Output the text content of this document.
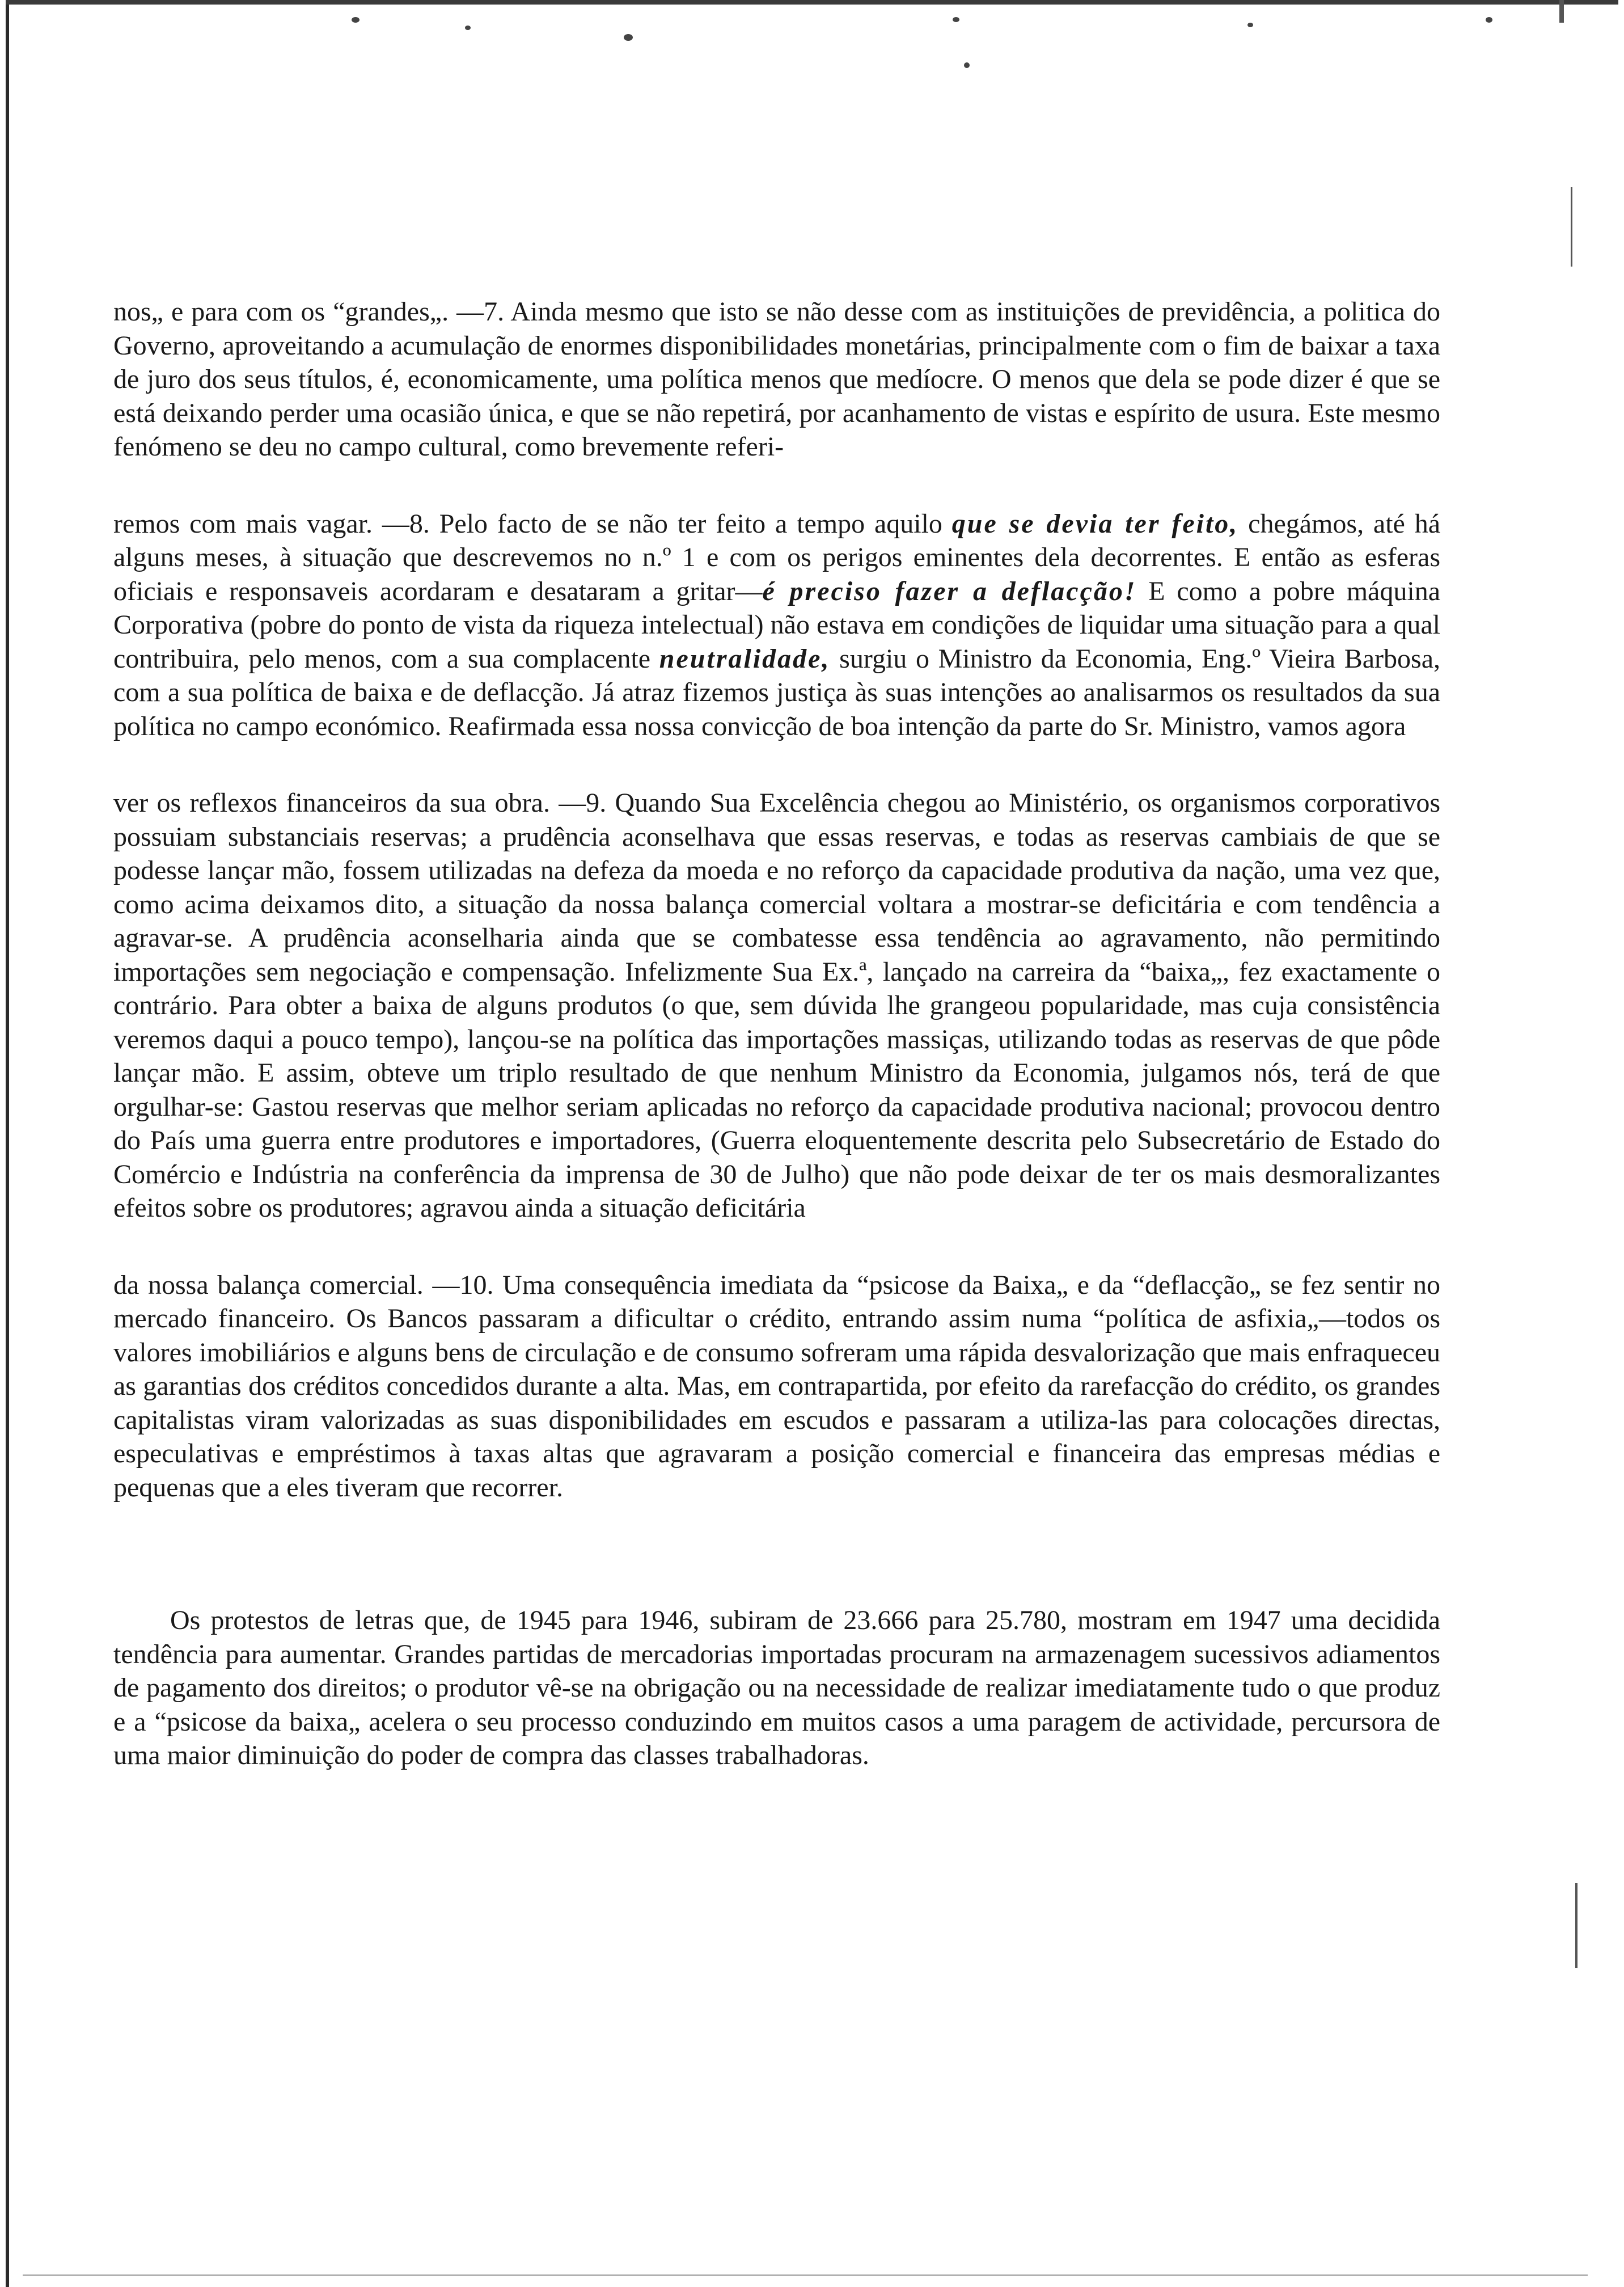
nos„ e para com os “grandes„. —7. Ainda mesmo que isto se não desse com as instituições de previdência, a politica do Governo, aproveitando a acumulação de enormes disponibilidades monetárias, principalmente com o fim de baixar a taxa de juro dos seus títulos, é, economicamente, uma política menos que medíocre. O menos que dela se pode dizer é que se está deixando perder uma ocasião única, e que se não repetirá, por acanhamento de vistas e espírito de usura. Este mesmo fenómeno se deu no campo cultural, como brevemente referi-

remos com mais vagar. —8. Pelo facto de se não ter feito a tempo aquilo que se devia ter feito, chegámos, até há alguns meses, à situação que descrevemos no n.º 1 e com os perigos eminentes dela decorrentes. E então as esferas oficiais e responsaveis acordaram e desataram a gritar—é preciso fazer a deflacção! E como a pobre máquina Corporativa (pobre do ponto de vista da riqueza intelectual) não estava em condições de liquidar uma situação para a qual contribuira, pelo menos, com a sua complacente neutralidade, surgiu o Ministro da Economia, Eng.º Vieira Barbosa, com a sua política de baixa e de deflacção. Já atraz fizemos justiça às suas intenções ao analisarmos os resultados da sua política no campo económico. Reafirmada essa nossa convicção de boa intenção da parte do Sr. Ministro, vamos agora

ver os reflexos financeiros da sua obra. —9. Quando Sua Excelência chegou ao Ministério, os organismos corporativos possuiam substanciais reservas; a prudência aconselhava que essas reservas, e todas as reservas cambiais de que se podesse lançar mão, fossem utilizadas na defeza da moeda e no reforço da capacidade produtiva da nação, uma vez que, como acima deixamos dito, a situação da nossa balança comercial voltara a mostrar-se deficitária e com tendência a agravar-se. A prudência aconselharia ainda que se combatesse essa tendência ao agravamento, não permitindo importações sem negociação e compensação. Infelizmente Sua Ex.ª, lançado na carreira da “baixa„, fez exactamente o contrário. Para obter a baixa de alguns produtos (o que, sem dúvida lhe grangeou popularidade, mas cuja consistência veremos daqui a pouco tempo), lançou-se na política das importações massiças, utilizando todas as reservas de que pôde lançar mão. E assim, obteve um triplo resultado de que nenhum Ministro da Economia, julgamos nós, terá de que orgulhar-se: Gastou reservas que melhor seriam aplicadas no reforço da capacidade produtiva nacional; provocou dentro do País uma guerra entre produtores e importadores, (Guerra eloquentemente descrita pelo Subsecretário de Estado do Comércio e Indústria na conferência da imprensa de 30 de Julho) que não pode deixar de ter os mais desmoralizantes efeitos sobre os produtores; agravou ainda a situação deficitária

da nossa balança comercial. —10. Uma consequência imediata da “psicose da Baixa„ e da “deflacção„ se fez sentir no mercado financeiro. Os Bancos passaram a dificultar o crédito, entrando assim numa “política de asfixia„—todos os valores imobiliários e alguns bens de circulação e de consumo sofreram uma rápida desvalorização que mais enfraqueceu as garantias dos créditos concedidos durante a alta. Mas, em contrapartida, por efeito da rarefacção do crédito, os grandes capitalistas viram valorizadas as suas disponibilidades em escudos e passaram a utiliza-las para colocações directas, especulativas e empréstimos à taxas altas que agravaram a posição comercial e financeira das empresas médias e pequenas que a eles tiveram que recorrer.

Os protestos de letras que, de 1945 para 1946, subiram de 23.666 para 25.780, mostram em 1947 uma decidida tendência para aumentar. Grandes partidas de mercadorias importadas procuram na armazenagem sucessivos adiamentos de pagamento dos direitos; o produtor vê-se na obrigação ou na necessidade de realizar imediatamente tudo o que produz e a “psicose da baixa„ acelera o seu processo conduzindo em muitos casos a uma paragem de actividade, percursora de uma maior diminuição do poder de compra das classes trabalhadoras.
